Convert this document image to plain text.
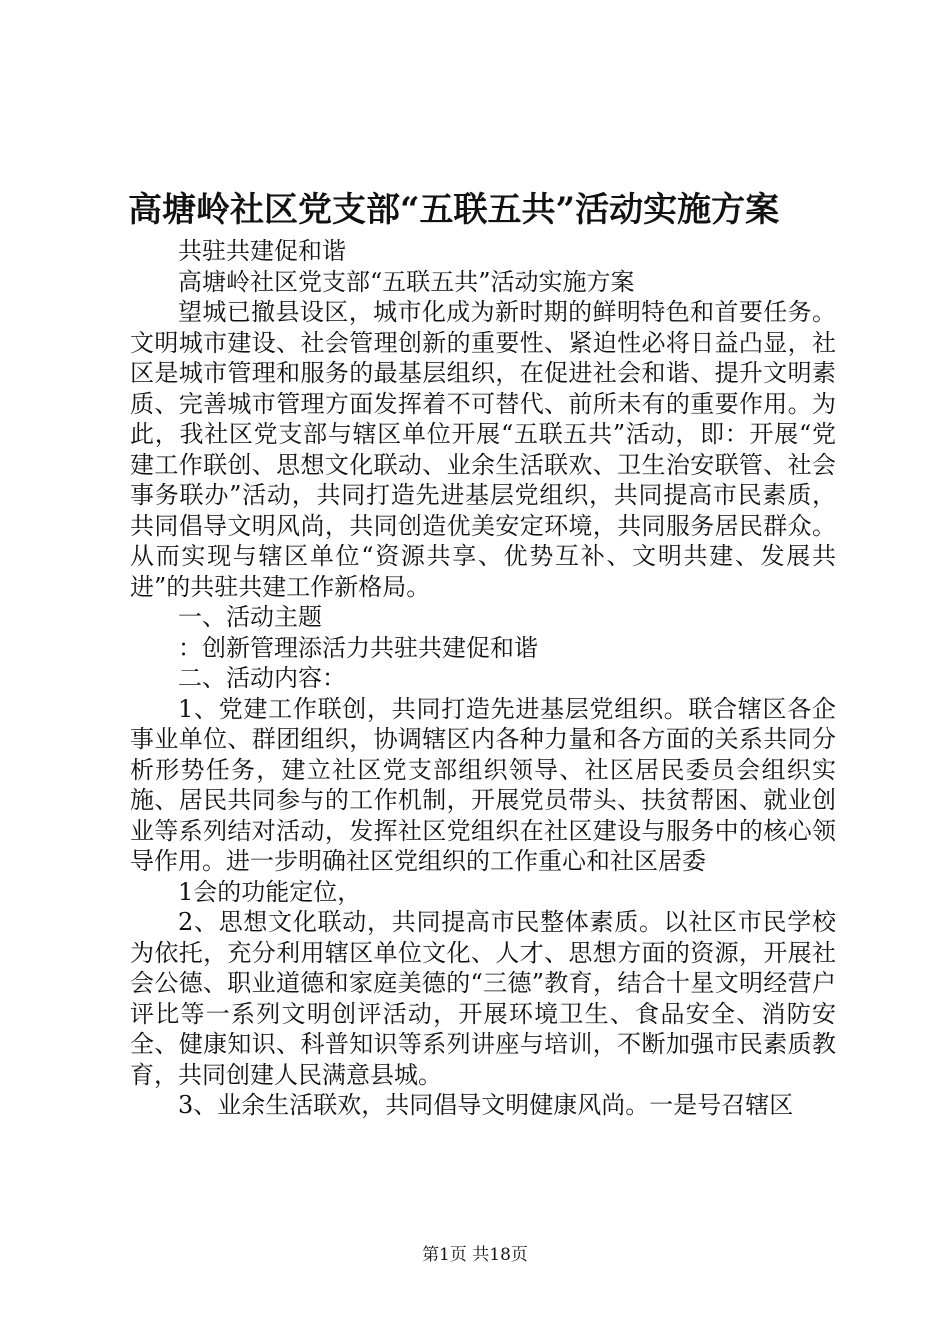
高塘岭社区党支部“五联五共”活动实施方案

共驻共建促和谐

高塘岭社区党支部“五联五共”活动实施方案

望城已撤县设区，城市化成为新时期的鲜明特色和首要任务。文明城市建设、社会管理创新的重要性、紧迫性必将日益凸显，社区是城市管理和服务的最基层组织，在促进社会和谐、提升文明素质、完善城市管理方面发挥着不可替代、前所未有的重要作用。为此，我社区党支部与辖区单位开展“五联五共”活动，即：开展“党建工作联创、思想文化联动、业余生活联欢、卫生治安联管、社会事务联办”活动，共同打造先进基层党组织，共同提高市民素质，共同倡导文明风尚，共同创造优美安定环境，共同服务居民群众。从而实现与辖区单位“资源共享、优势互补、文明共建、发展共进”的共驻共建工作新格局。

一、活动主题

：创新管理添活力共驻共建促和谐

二、活动内容：

1、党建工作联创，共同打造先进基层党组织。联合辖区各企事业单位、群团组织，协调辖区内各种力量和各方面的关系共同分析形势任务，建立社区党支部组织领导、社区居民委员会组织实施、居民共同参与的工作机制，开展党员带头、扶贫帮困、就业创业等系列结对活动，发挥社区党组织在社区建设与服务中的核心领导作用。进一步明确社区党组织的工作重心和社区居委

1会的功能定位，

2、思想文化联动，共同提高市民整体素质。以社区市民学校为依托，充分利用辖区单位文化、人才、思想方面的资源，开展社会公德、职业道德和家庭美德的“三德”教育，结合十星文明经营户评比等一系列文明创评活动，开展环境卫生、食品安全、消防安全、健康知识、科普知识等系列讲座与培训，不断加强市民素质教育，共同创建人民满意县城。

3、业余生活联欢，共同倡导文明健康风尚。一是号召辖区

第1页 共18页
